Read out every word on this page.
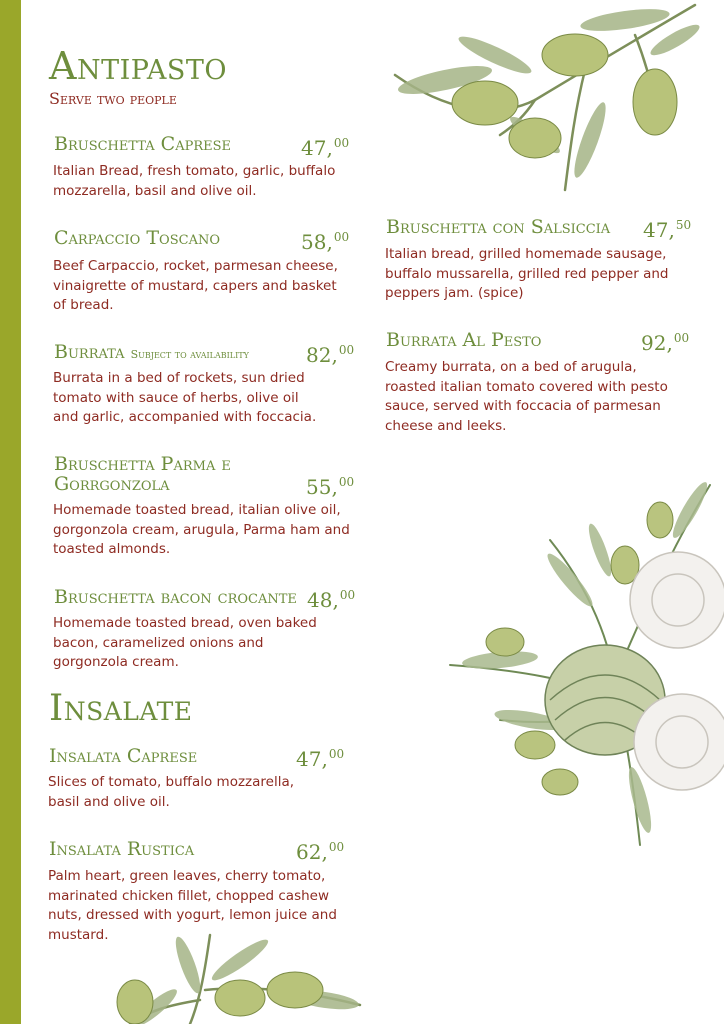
Antipasto
Serve two people
Bruschetta Caprese	47,00
Italian Bread, fresh tomato, garlic, buffalo mozzarella, basil and olive oil.
Carpaccio Toscano	58,00
Beef Carpaccio, rocket, parmesan cheese, vinaigrette of mustard, capers and basket of bread.
Burrata Subject to availability	82,00
Burrata in a bed of rockets, sun dried tomato with sauce of herbs, olive oil and garlic, accompanied with foccacia.
Bruschetta Parma e Gorrgonzola	55,00
Homemade toasted bread, italian olive oil, gorgonzola cream, arugula, Parma ham and toasted almonds.
Bruschetta bacon crocante 48,00
Homemade toasted bread, oven baked bacon, caramelized onions and gorgonzola cream.
Bruschetta con Salsiccia 47,50
Italian bread, grilled homemade sausage, buffalo mussarella, grilled red pepper and peppers jam. (spice)
Burrata Al Pesto	92,00
Creamy burrata, on a bed of arugula, roasted italian tomato covered with pesto sauce, served with foccacia of parmesan cheese and leeks.
Insalate
Insalata Caprese	47,00
Slices of tomato, buffalo mozzarella, basil and olive oil.
Insalata Rustica	62,00
Palm heart, green leaves, cherry tomato, marinated chicken fillet, chopped cashew nuts, dressed with yogurt, lemon juice and mustard.
